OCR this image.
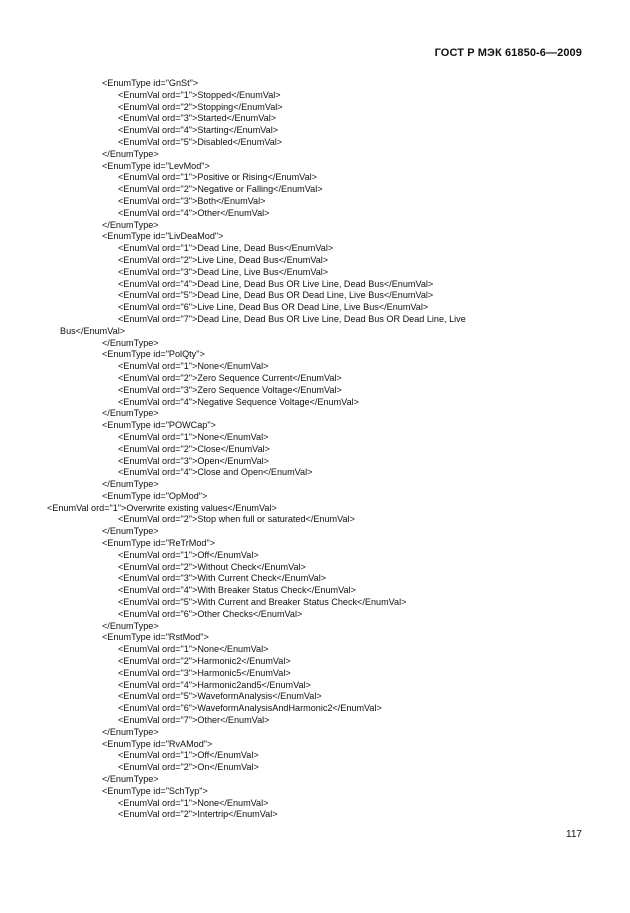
ГОСТ Р МЭК 61850-6—2009
<EnumType id="GnSt">
<EnumVal ord="1">Stopped</EnumVal>
<EnumVal ord="2">Stopping</EnumVal>
<EnumVal ord="3">Started</EnumVal>
<EnumVal ord="4">Starting</EnumVal>
<EnumVal ord="5">Disabled</EnumVal>
</EnumType>
<EnumType id="LevMod">
<EnumVal ord="1">Positive or Rising</EnumVal>
<EnumVal ord="2">Negative or Falling</EnumVal>
<EnumVal ord="3">Both</EnumVal>
<EnumVal ord="4">Other</EnumVal>
</EnumType>
<EnumType id="LivDeaMod">
<EnumVal ord="1">Dead Line, Dead Bus</EnumVal>
<EnumVal ord="2">Live Line, Dead Bus</EnumVal>
<EnumVal ord="3">Dead Line, Live Bus</EnumVal>
<EnumVal ord="4">Dead Line, Dead Bus OR Live Line, Dead Bus</EnumVal>
<EnumVal ord="5">Dead Line, Dead Bus OR Dead Line, Live Bus</EnumVal>
<EnumVal ord="6">Live Line, Dead Bus OR Dead Line, Live Bus</EnumVal>
<EnumVal ord="7">Dead Line, Dead Bus OR Live Line, Dead Bus OR Dead Line, Live
Bus</EnumVal>
</EnumType>
<EnumType id="PolQty">
<EnumVal ord="1">None</EnumVal>
<EnumVal ord="2">Zero Sequence Current</EnumVal>
<EnumVal ord="3">Zero Sequence Voltage</EnumVal>
<EnumVal ord="4">Negative Sequence Voltage</EnumVal>
</EnumType>
<EnumType id="POWCap">
<EnumVal ord="1">None</EnumVal>
<EnumVal ord="2">Close</EnumVal>
<EnumVal ord="3">Open</EnumVal>
<EnumVal ord="4">Close and Open</EnumVal>
</EnumType>
<EnumType id="OpMod">
<EnumVal ord="1">Overwrite existing values</EnumVal>
<EnumVal ord="2">Stop when full or saturated</EnumVal>
</EnumType>
<EnumType id="ReTrMod">
<EnumVal ord="1">Off</EnumVal>
<EnumVal ord="2">Without Check</EnumVal>
<EnumVal ord="3">With Current Check</EnumVal>
<EnumVal ord="4">With Breaker Status Check</EnumVal>
<EnumVal ord="5">With Current and Breaker Status Check</EnumVal>
<EnumVal ord="6">Other Checks</EnumVal>
</EnumType>
<EnumType id="RstMod">
<EnumVal ord="1">None</EnumVal>
<EnumVal ord="2">Harmonic2</EnumVal>
<EnumVal ord="3">Harmonic5</EnumVal>
<EnumVal ord="4">Harmonic2and5</EnumVal>
<EnumVal ord="5">WaveformAnalysis</EnumVal>
<EnumVal ord="6">WaveformAnalysisAndHarmonic2</EnumVal>
<EnumVal ord="7">Other</EnumVal>
</EnumType>
<EnumType id="RvAMod">
<EnumVal ord="1">Off</EnumVal>
<EnumVal ord="2">On</EnumVal>
</EnumType>
<EnumType id="SchTyp">
<EnumVal ord="1">None</EnumVal>
<EnumVal ord="2">Intertrip</EnumVal>
117
